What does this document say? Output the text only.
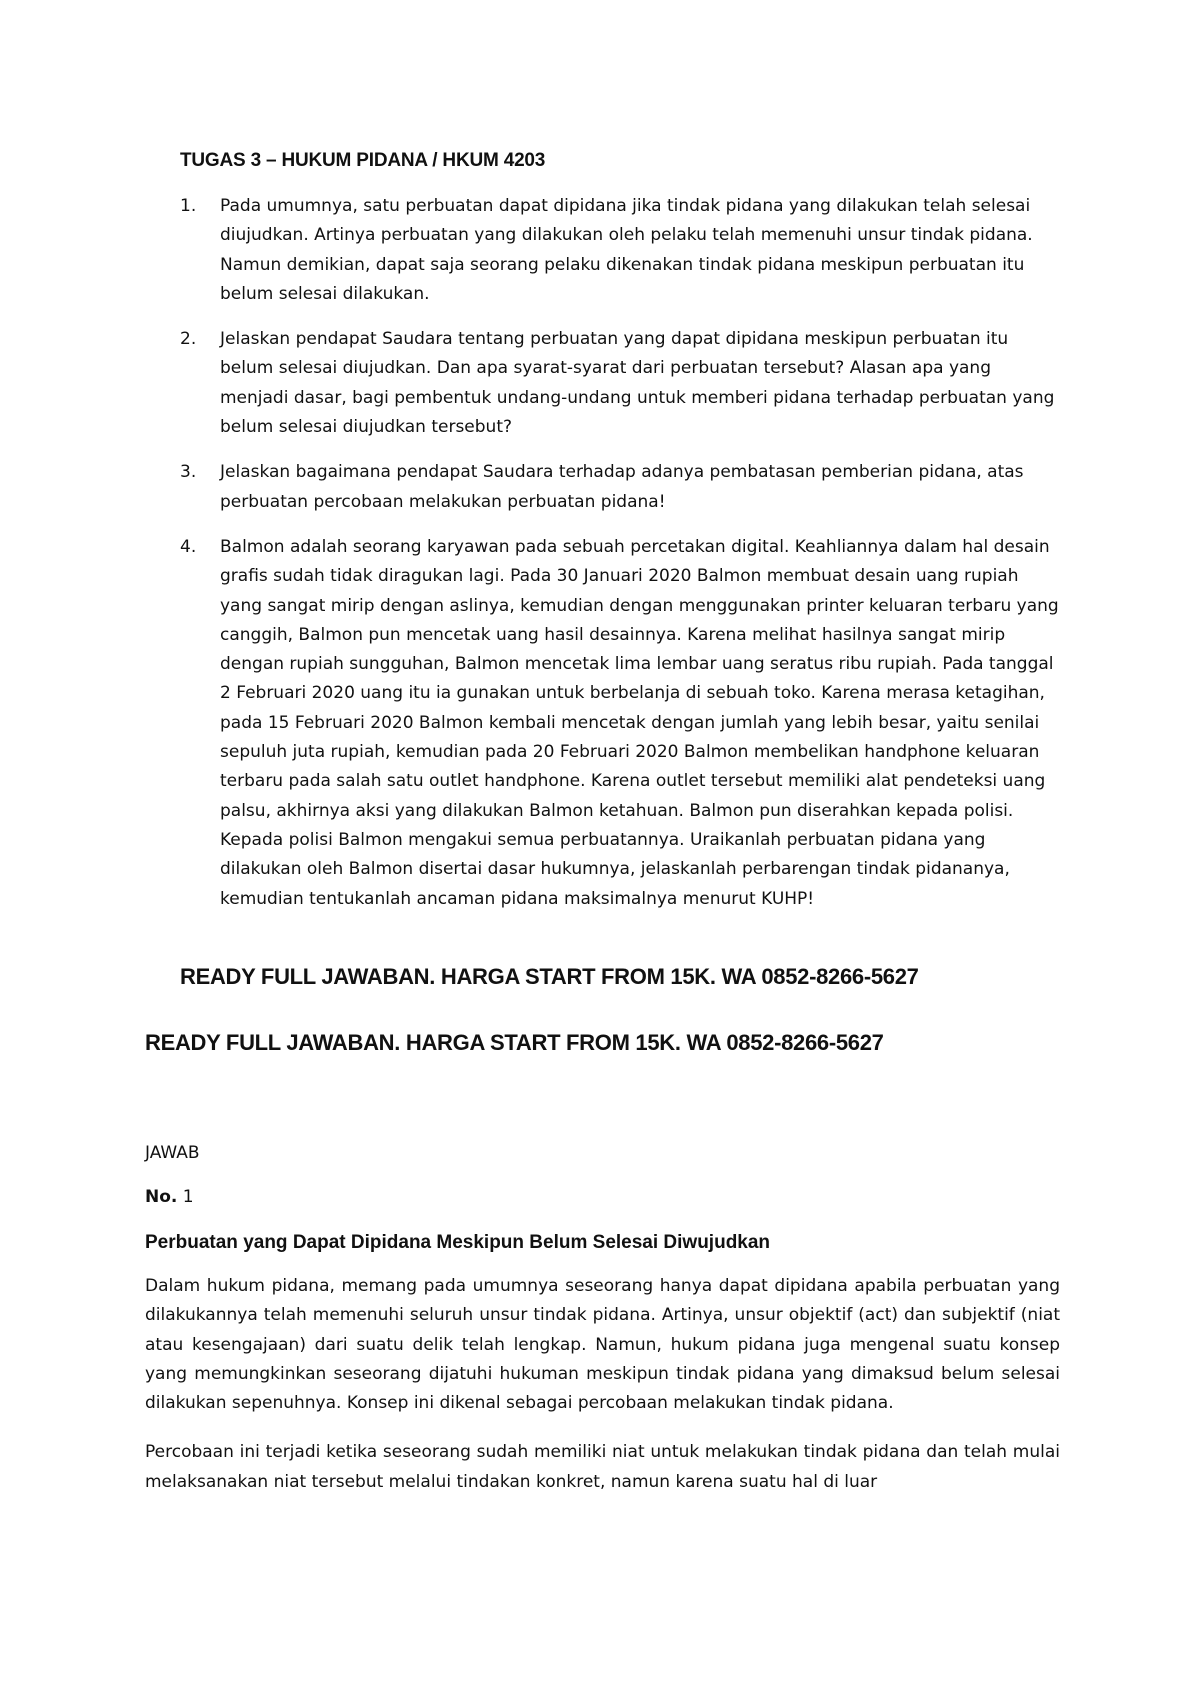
TUGAS 3 – HUKUM PIDANA / HKUM 4203
1. Pada umumnya, satu perbuatan dapat dipidana jika tindak pidana yang dilakukan telah selesai diujudkan. Artinya perbuatan yang dilakukan oleh pelaku telah memenuhi unsur tindak pidana. Namun demikian, dapat saja seorang pelaku dikenakan tindak pidana meskipun perbuatan itu belum selesai dilakukan.
2. Jelaskan pendapat Saudara tentang perbuatan yang dapat dipidana meskipun perbuatan itu belum selesai diujudkan. Dan apa syarat-syarat dari perbuatan tersebut? Alasan apa yang menjadi dasar, bagi pembentuk undang-undang untuk memberi pidana terhadap perbuatan yang belum selesai diujudkan tersebut?
3. Jelaskan bagaimana pendapat Saudara terhadap adanya pembatasan pemberian pidana, atas perbuatan percobaan melakukan perbuatan pidana!
4. Balmon adalah seorang karyawan pada sebuah percetakan digital. Keahliannya dalam hal desain grafis sudah tidak diragukan lagi. Pada 30 Januari 2020 Balmon membuat desain uang rupiah yang sangat mirip dengan aslinya, kemudian dengan menggunakan printer keluaran terbaru yang canggih, Balmon pun mencetak uang hasil desainnya. Karena melihat hasilnya sangat mirip dengan rupiah sungguhan, Balmon mencetak lima lembar uang seratus ribu rupiah. Pada tanggal 2 Februari 2020 uang itu ia gunakan untuk berbelanja di sebuah toko. Karena merasa ketagihan, pada 15 Februari 2020 Balmon kembali mencetak dengan jumlah yang lebih besar, yaitu senilai sepuluh juta rupiah, kemudian pada 20 Februari 2020 Balmon membelikan handphone keluaran terbaru pada salah satu outlet handphone. Karena outlet tersebut memiliki alat pendeteksi uang palsu, akhirnya aksi yang dilakukan Balmon ketahuan. Balmon pun diserahkan kepada polisi. Kepada polisi Balmon mengakui semua perbuatannya. Uraikanlah perbuatan pidana yang dilakukan oleh Balmon disertai dasar hukumnya, jelaskanlah perbarengan tindak pidananya, kemudian tentukanlah ancaman pidana maksimalnya menurut KUHP!

READY FULL JAWABAN. HARGA START FROM 15K. WA 0852-8266-5627

READY FULL JAWABAN. HARGA START FROM 15K. WA 0852-8266-5627

JAWAB

No. 1

Perbuatan yang Dapat Dipidana Meskipun Belum Selesai Diwujudkan

Dalam hukum pidana, memang pada umumnya seseorang hanya dapat dipidana apabila perbuatan yang dilakukannya telah memenuhi seluruh unsur tindak pidana. Artinya, unsur objektif (act) dan subjektif (niat atau kesengajaan) dari suatu delik telah lengkap. Namun, hukum pidana juga mengenal suatu konsep yang memungkinkan seseorang dijatuhi hukuman meskipun tindak pidana yang dimaksud belum selesai dilakukan sepenuhnya. Konsep ini dikenal sebagai percobaan melakukan tindak pidana.

Percobaan ini terjadi ketika seseorang sudah memiliki niat untuk melakukan tindak pidana dan telah mulai melaksanakan niat tersebut melalui tindakan konkret, namun karena suatu hal di luar
